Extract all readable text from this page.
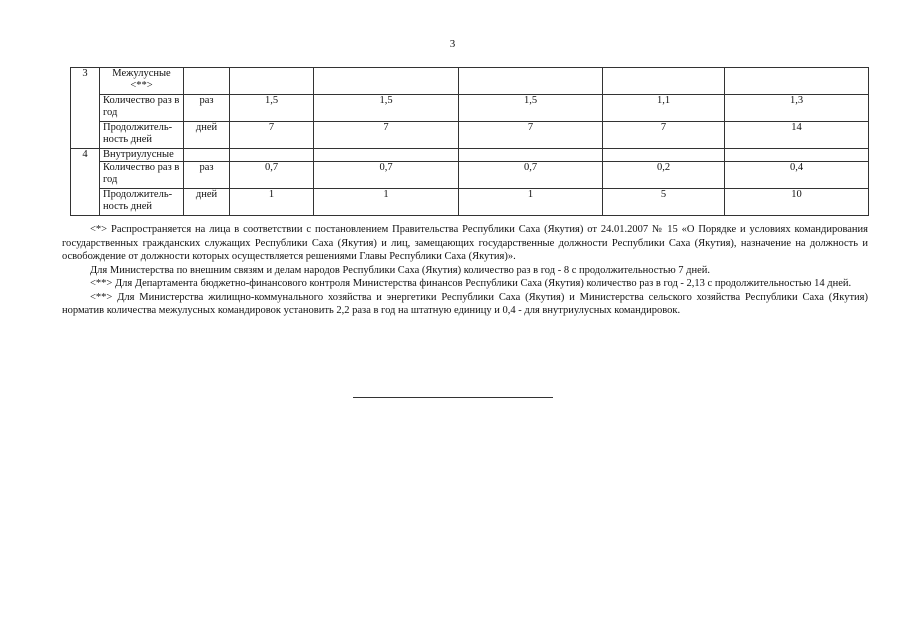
3
3	Межулусные <**>						
	Количество раз в год	раз	1,5	1,5	1,5	1,1	1,3
	Продолжитель-ность дней	дней	7	7	7	7	14
4	Внутриулусные						
	Количество раз в год	раз	0,7	0,7	0,7	0,2	0,4
	Продолжитель-ность дней	дней	1	1	1	5	10

<*> Распространяется на лица в соответствии с постановлением Правительства Республики Саха (Якутия) от 24.01.2007 № 15 «О Порядке и условиях командирования государственных гражданских служащих Республики Саха (Якутия) и лиц, замещающих государственные должности Республики Саха (Якутия), назначение на должность и освобождение от должности которых осуществляется решениями Главы Республики Саха (Якутия)».

Для Министерства по внешним связям и делам народов Республики Саха (Якутия) количество раз в год - 8 с продолжительностью 7 дней.

<**> Для Департамента бюджетно-финансового контроля Министерства финансов Республики Саха (Якутия) количество раз в год - 2,13 с продолжительностью 14 дней.

<**> Для Министерства жилищно-коммунального хозяйства и энергетики Республики Саха (Якутия) и Министерства сельского хозяйства Республики Саха (Якутия) норматив количества межулусных командировок установить 2,2 раза в год на штатную единицу и 0,4 - для внутриулусных командировок.
